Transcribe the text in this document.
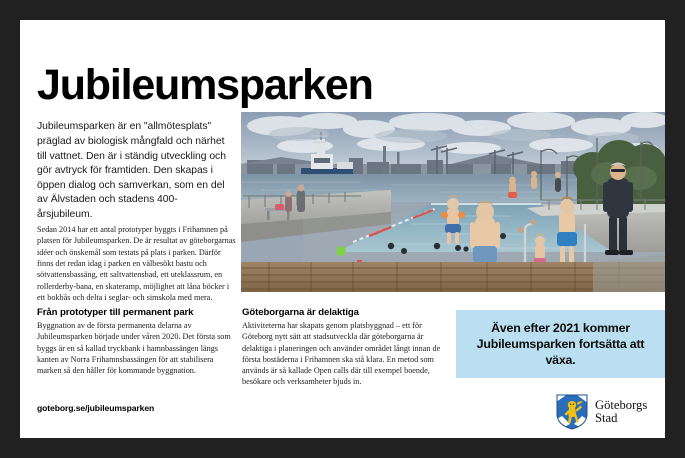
Jubileumsparken

Jubileumsparken är en "allmötesplats" präglad av biologisk mångfald och närhet till vattnet. Den är i ständig utveckling och gör avtryck för framtiden. Den skapas i öppen dialog och samverkan, som en del av Älvstaden och stadens 400-årsjubileum.

Sedan 2014 har ett antal prototyper byggts i Frihamnen på platsen för Jubileumsparken. De är resultat av göteborgarnas idéer och önskemål som testats på plats i parken. Därför finns det redan idag i parken en välbesökt bastu och sötvattensbassäng, ett saltvattensbad, ett uteklassrum, en rollerderby-bana, en skateramp, möjlighet att låna böcker i ett bokbås och delta i seglar- och simskola med mera.

Från prototyper till permanent park

Byggnation av de första permanenta delarna av Jubileumsparken började under våren 2020. Det första som byggs är en så kallad tryckbank i hamnbassängen längs kanten av Norra Frihamnsbassängen för att stabilisera marken så den håller för kommande byggnation.

Göteborgarna är delaktiga

Aktiviteterna har skapats genom platsbyggnad – ett för Göteborg nytt sätt att stadsutveckla där göteborgarna är delaktiga i planeringen och använder området långt innan de första bostäderna i Frihamnen ska stå klara. En metod som används är så kallade Open calls där till exempel boende, besökare och verksamheter bjuds in.

Även efter 2021 kommer Jubileumsparken fortsätta att växa.
goteborg.se/jubileumsparken	Göteborgs
Stad
